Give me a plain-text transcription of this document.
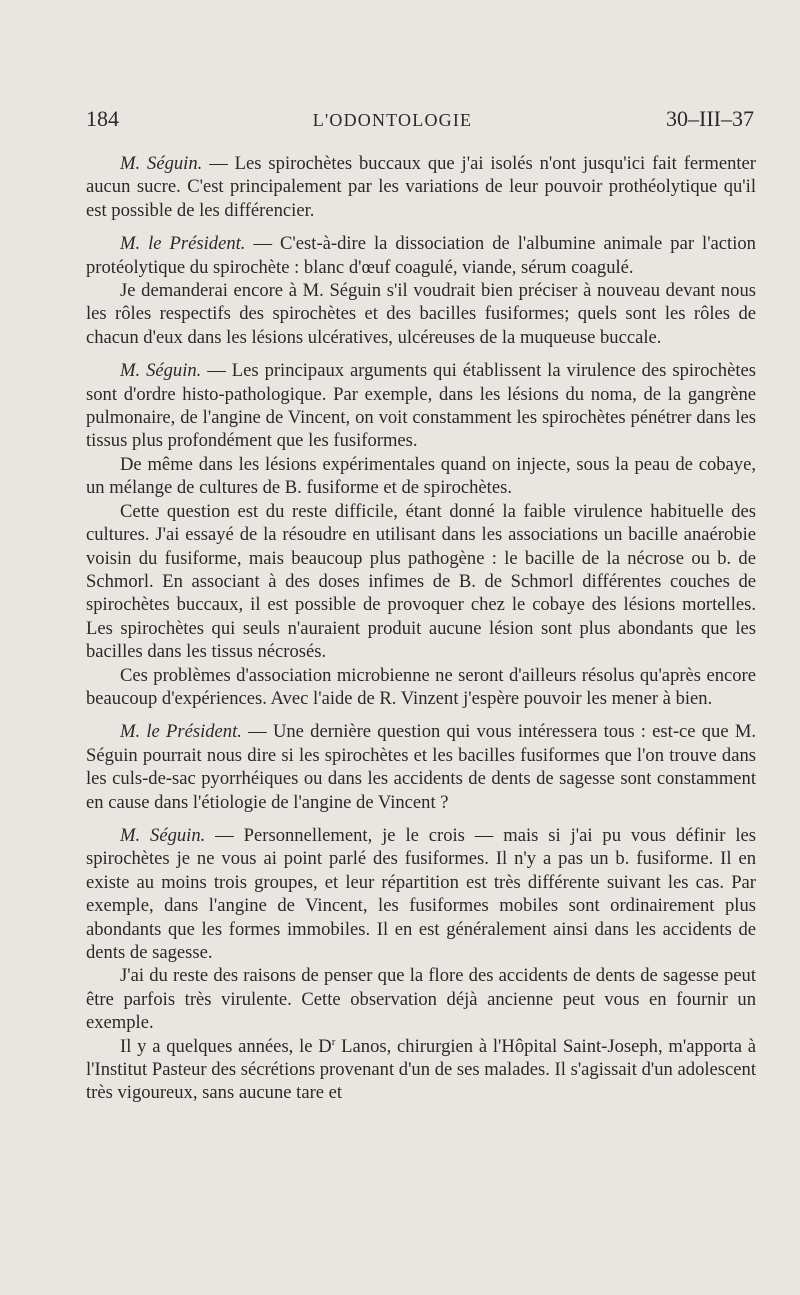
184	L'ODONTOLOGIE	30–III–37

M. Séguin. — Les spirochètes buccaux que j'ai isolés n'ont jusqu'ici fait fermenter aucun sucre. C'est principalement par les variations de leur pouvoir prothéolytique qu'il est possible de les différencier.

M. le Président. — C'est-à-dire la dissociation de l'albumine animale par l'action protéolytique du spirochète : blanc d'œuf coagulé, viande, sérum coagulé.

Je demanderai encore à M. Séguin s'il voudrait bien préciser à nouveau devant nous les rôles respectifs des spirochètes et des bacilles fusiformes; quels sont les rôles de chacun d'eux dans les lésions ulcératives, ulcéreuses de la muqueuse buccale.

M. Séguin. — Les principaux arguments qui établissent la virulence des spirochètes sont d'ordre histo-pathologique. Par exemple, dans les lésions du noma, de la gangrène pulmonaire, de l'angine de Vincent, on voit constamment les spirochètes pénétrer dans les tissus plus profondément que les fusiformes.

De même dans les lésions expérimentales quand on injecte, sous la peau de cobaye, un mélange de cultures de B. fusiforme et de spirochètes.

Cette question est du reste difficile, étant donné la faible virulence habituelle des cultures. J'ai essayé de la résoudre en utilisant dans les associations un bacille anaérobie voisin du fusiforme, mais beaucoup plus pathogène : le bacille de la nécrose ou b. de Schmorl. En associant à des doses infimes de B. de Schmorl différentes couches de spirochètes buccaux, il est possible de provoquer chez le cobaye des lésions mortelles. Les spirochètes qui seuls n'auraient produit aucune lésion sont plus abondants que les bacilles dans les tissus nécrosés.

Ces problèmes d'association microbienne ne seront d'ailleurs résolus qu'après encore beaucoup d'expériences. Avec l'aide de R. Vinzent j'espère pouvoir les mener à bien.

M. le Président. — Une dernière question qui vous intéressera tous : est-ce que M. Séguin pourrait nous dire si les spirochètes et les bacilles fusiformes que l'on trouve dans les culs-de-sac pyorrhéiques ou dans les accidents de dents de sagesse sont constamment en cause dans l'étiologie de l'angine de Vincent ?

M. Séguin. — Personnellement, je le crois — mais si j'ai pu vous définir les spirochètes je ne vous ai point parlé des fusiformes. Il n'y a pas un b. fusiforme. Il en existe au moins trois groupes, et leur répartition est très différente suivant les cas. Par exemple, dans l'angine de Vincent, les fusiformes mobiles sont ordinairement plus abondants que les formes immobiles. Il en est généralement ainsi dans les accidents de dents de sagesse.

J'ai du reste des raisons de penser que la flore des accidents de dents de sagesse peut être parfois très virulente. Cette observation déjà ancienne peut vous en fournir un exemple.

Il y a quelques années, le $D^r$ Lanos, chirurgien à l'Hôpital Saint-Joseph, m'apporta à l'Institut Pasteur des sécrétions provenant d'un de ses malades. Il s'agissait d'un adolescent très vigoureux, sans aucune tare et
